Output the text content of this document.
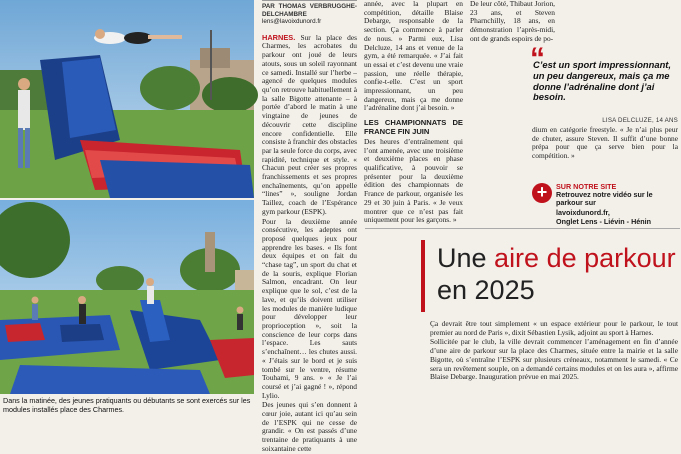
Dans la matinée, des jeunes pratiquants ou débutants se sont exercés sur les modules installés place des Charmes.
PAR THOMAS VERBRUGGHE-DELCHAMBRE
lens@lavoixdunord.fr

HARNES. Sur la place des Charmes, les acrobates du parkour ont joué de leurs atouts, sous un soleil rayonnant ce samedi. Installé sur l’herbe – agencé de quelques modules qu’on retrouve habituellement à la salle Bigotte attenante – à portée d’abord le matin à une vingtaine de jeunes de découvrir cette discipline encore confidentielle. Elle consiste à franchir des obstacles par la seule force du corps, avec rapidité, technique et style. « Chacun peut créer ses propres franchissements et ses propres enchaînements, qu’on appelle “lines” », souligne Jordan Taillez, coach de l’Espérance gym parkour (ESPK).

Pour la deuxième année consécutive, les adeptes ont proposé quelques jeux pour apprendre les bases. « Ils font deux équipes et on fait du “chase tag”, un sport du chat et de la souris, explique Florian Salmon, encadrant. On leur explique que le sol, c’est de la lave, et qu’ils doivent utiliser les modules de manière ludique pour développer leur proprioception », soit la conscience de leur corps dans l’espace. Les sauts s’enchaînent… les chutes aussi. « J’étais sur le bord et je suis tombé sur le ventre, résume Touhami, 9 ans. » « Je l’ai coursé et j’ai gagné ! », répond Lylio.

Des jeunes qui s’en donnent à cœur joie, autant ici qu’au sein de l’ESPK qui ne cesse de grandir. « On est passés d’une trentaine de pratiquants à une soixantaine cette

année, avec la plupart en compétition, détaille Blaise Debarge, responsable de la section. Ça commence à parler de nous. » Parmi eux, Lisa Delcluze, 14 ans et venue de la gym, a été remarquée. « J’ai fait un essai et c’est devenu une vraie passion, une réelle thérapie, confie-t-elle. C’est un sport impressionnant, un peu dangereux, mais ça me donne l’adrénaline dont j’ai besoin. »

LES CHAMPIONNATS DE FRANCE FIN JUIN

Des heures d’entraînement qui l’ont amenée, avec une troisième et deuxième places en phase qualificative, à pouvoir se présenter pour la deuxième édition des championnats de France de parkour, organisée les 29 et 30 juin à Paris. « Je veux montrer que ce n’est pas fait uniquement pour les garçons. »

De leur côté, Thibaut Jorion, 23 ans, et Steven Pharnchilly, 18 ans, en démonstration l’après-midi, ont de grands espoirs de po-

“
C’est un sport impressionnant, un peu dangereux, mais ça me donne l’adrénaline dont j’ai besoin.
LISA DELCLUZE, 14 ANS

dium en catégorie freestyle. « Je n’ai plus peur de chuter, assure Steven. Il suffit d’une bonne prépa pour que ça serve bien pour la compétition. »

+	SUR NOTRE SITE
Retrouvez notre vidéo sur le parkour sur
lavoixdunord.fr,
Onglet Lens - Liévin - Hénin
Une aire de parkour en 2025

Ça devrait être tout simplement « un espace extérieur pour le parkour, le tout premier au nord de Paris », dixit Sébastien Lysik, adjoint au sport à Harnes.

Sollicitée par le club, la ville devrait commencer l’aménagement en fin d’année d’une aire de parkour sur la place des Charmes, située entre la mairie et la salle Bigotte, où s’entraîne l’ESPK sur plusieurs créneaux, notamment le samedi. « Ce sera un revêtement souple, on a demandé certains modules et on les aura », affirme Blaise Debarge. Inauguration prévue en mai 2025.
